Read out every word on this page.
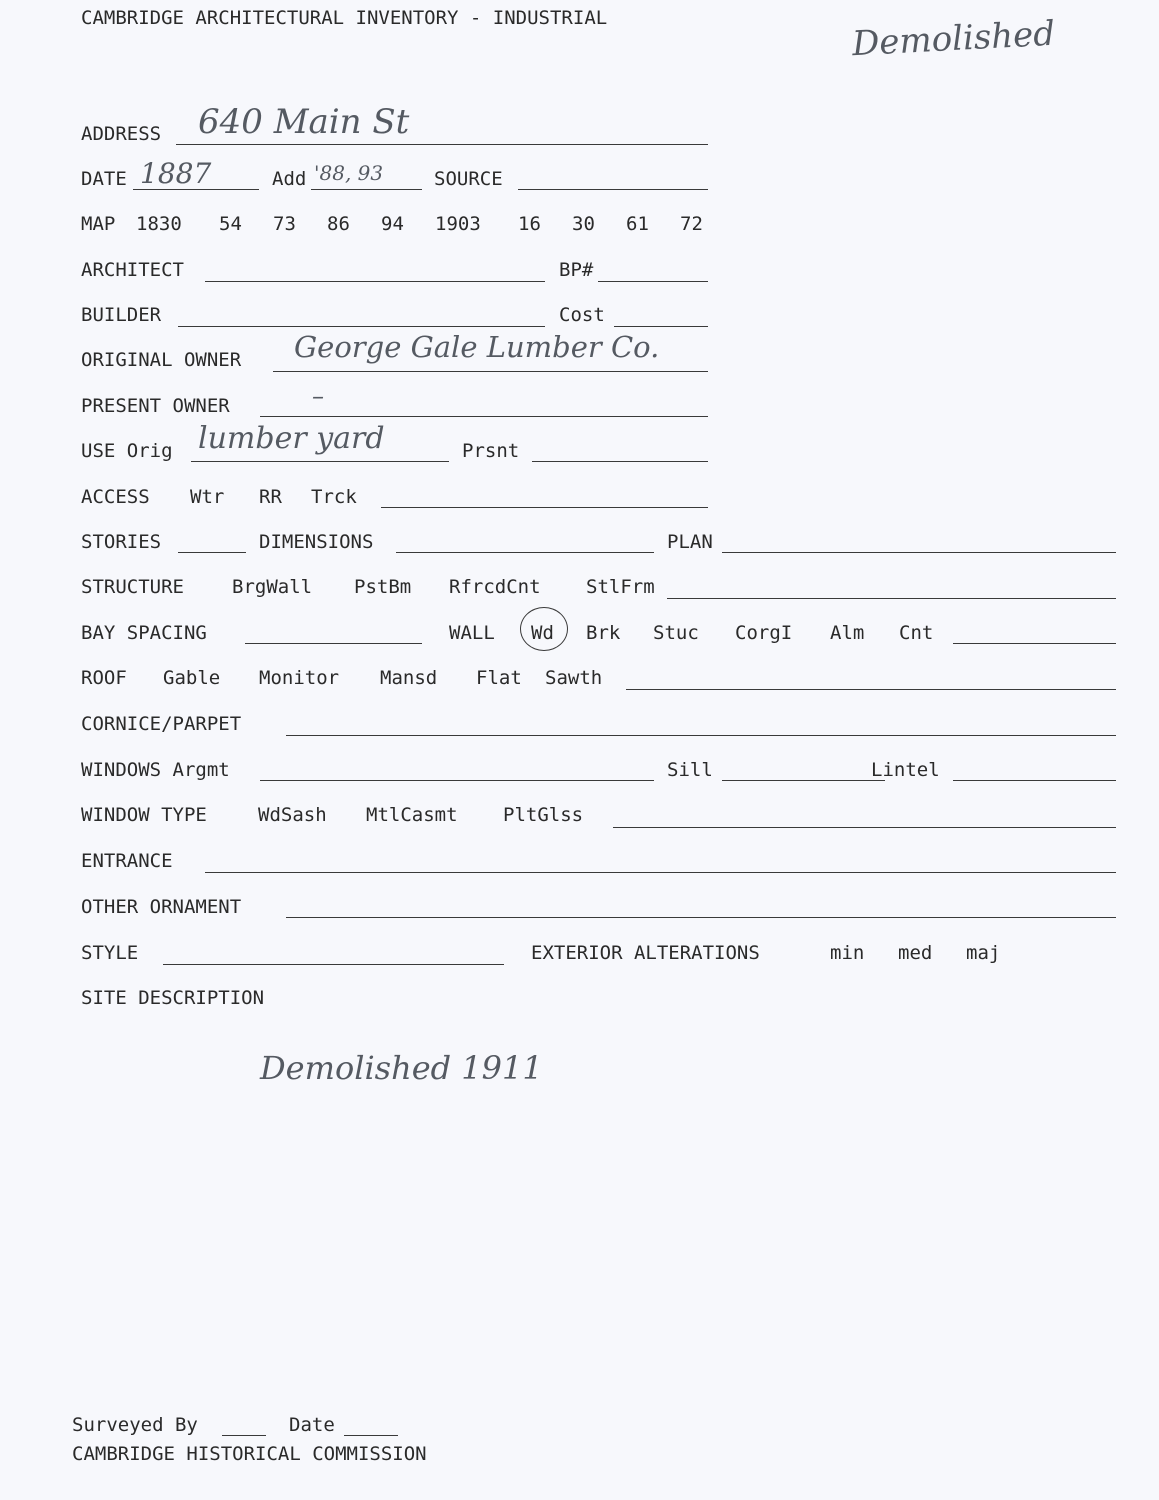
CAMBRIDGE ARCHITECTURAL INVENTORY - INDUSTRIAL	Demolished
ADDRESS 640 Main St
DATE 1887	Add '88, 93	SOURCE
MAP 1830 54 73 86 94 1903 16 30 61 72
ARCHITECT	BP#
BUILDER	Cost
ORIGINAL OWNER George Gale Lumber Co.
PRESENT OWNER	–
USE Orig lumber yard	Prsnt
ACCESS Wtr RR Trck
STORIES	DIMENSIONS	PLAN
STRUCTURE	BrgWall PstBm RfrcdCnt StlFrm
BAY SPACING	WALL Wd Brk Stuc CorgI Alm Cnt
ROOF Gable Monitor Mansd Flat Sawth
CORNICE/PARPET
WINDOWS Argmt	Sill	Lintel
WINDOW TYPE	WdSash MtlCasmt PltGlss
ENTRANCE
OTHER ORNAMENT
STYLE	EXTERIOR ALTERATIONS	min med maj
SITE DESCRIPTION
Demolished 1911
Surveyed By	Date
CAMBRIDGE HISTORICAL COMMISSION
